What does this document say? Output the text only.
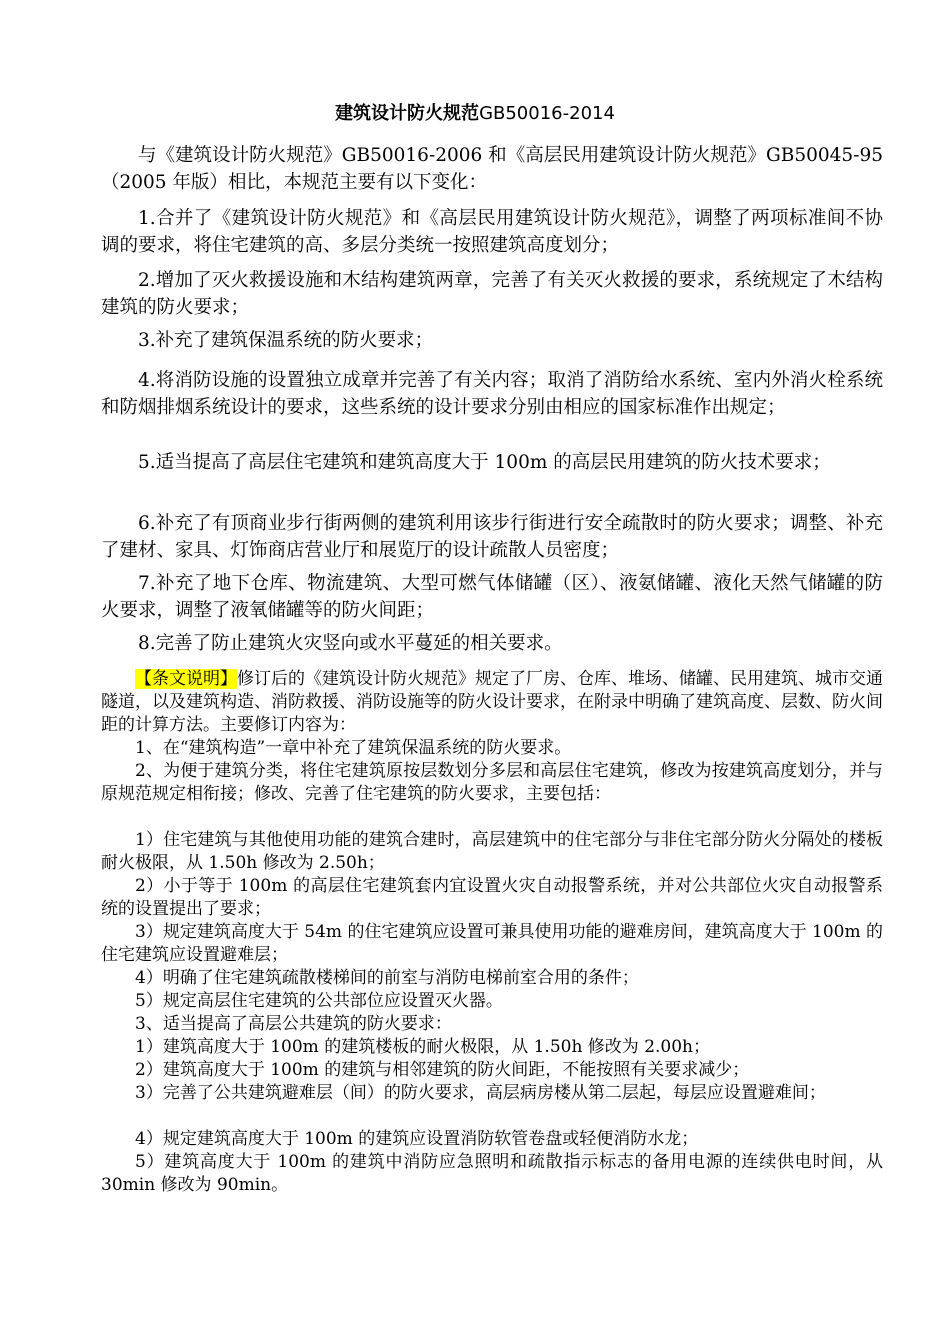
建筑设计防火规范GB50016-2014

与《建筑设计防火规范》GB50016-2006 和《高层民用建筑设计防火规范》GB50045-95（2005 年版）相比，本规范主要有以下变化：

1.合并了《建筑设计防火规范》和《高层民用建筑设计防火规范》，调整了两项标准间不协调的要求，将住宅建筑的高、多层分类统一按照建筑高度划分；

2.增加了灭火救援设施和木结构建筑两章，完善了有关灭火救援的要求，系统规定了木结构建筑的防火要求；

3.补充了建筑保温系统的防火要求；

4.将消防设施的设置独立成章并完善了有关内容；取消了消防给水系统、室内外消火栓系统和防烟排烟系统设计的要求，这些系统的设计要求分别由相应的国家标准作出规定；

5.适当提高了高层住宅建筑和建筑高度大于 100m 的高层民用建筑的防火技术要求；

6.补充了有顶商业步行街两侧的建筑利用该步行街进行安全疏散时的防火要求；调整、补充了建材、家具、灯饰商店营业厅和展览厅的设计疏散人员密度；

7.补充了地下仓库、物流建筑、大型可燃气体储罐（区）、液氨储罐、液化天然气储罐的防火要求，调整了液氧储罐等的防火间距；

8.完善了防止建筑火灾竖向或水平蔓延的相关要求。

【条文说明】修订后的《建筑设计防火规范》规定了厂房、仓库、堆场、储罐、民用建筑、城市交通隧道，以及建筑构造、消防救援、消防设施等的防火设计要求，在附录中明确了建筑高度、层数、防火间距的计算方法。主要修订内容为：

1、在“建筑构造”一章中补充了建筑保温系统的防火要求。

2、为便于建筑分类，将住宅建筑原按层数划分多层和高层住宅建筑，修改为按建筑高度划分，并与原规范规定相衔接；修改、完善了住宅建筑的防火要求，主要包括：

1）住宅建筑与其他使用功能的建筑合建时，高层建筑中的住宅部分与非住宅部分防火分隔处的楼板耐火极限，从 1.50h 修改为 2.50h；

2）小于等于 100m 的高层住宅建筑套内宜设置火灾自动报警系统，并对公共部位火灾自动报警系统的设置提出了要求；

3）规定建筑高度大于 54m 的住宅建筑应设置可兼具使用功能的避难房间，建筑高度大于 100m 的住宅建筑应设置避难层；

4）明确了住宅建筑疏散楼梯间的前室与消防电梯前室合用的条件；

5）规定高层住宅建筑的公共部位应设置灭火器。

3、适当提高了高层公共建筑的防火要求：

1）建筑高度大于 100m 的建筑楼板的耐火极限，从 1.50h 修改为 2.00h；

2）建筑高度大于 100m 的建筑与相邻建筑的防火间距，不能按照有关要求减少；

3）完善了公共建筑避难层（间）的防火要求，高层病房楼从第二层起，每层应设置避难间；

4）规定建筑高度大于 100m 的建筑应设置消防软管卷盘或轻便消防水龙；

5）建筑高度大于 100m 的建筑中消防应急照明和疏散指示标志的备用电源的连续供电时间，从 30min 修改为 90min。
